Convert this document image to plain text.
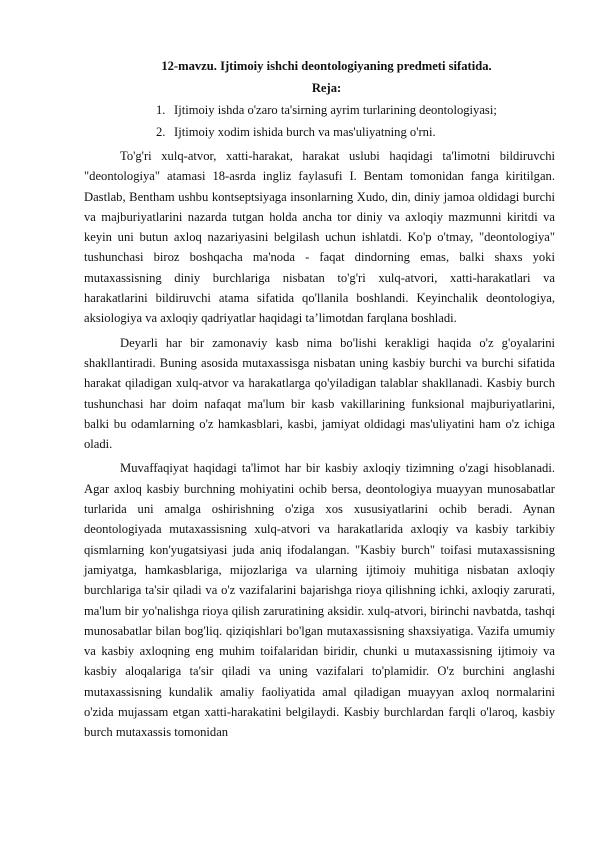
12-mavzu. Ijtimoiy ishchi deontologiyaning predmeti sifatida.

Reja:

1. Ijtimoiy ishda o'zaro ta'sirning ayrim turlarining deontologiyasi;
2. Ijtimoiy xodim ishida burch va mas'uliyatning o'rni.

To'g'ri xulq-atvor, xatti-harakat, harakat uslubi haqidagi ta'limotni bildiruvchi "deontologiya" atamasi 18-asrda ingliz faylasufi I. Bentam tomonidan fanga kiritilgan. Dastlab, Bentham ushbu kontseptsiyaga insonlarning Xudo, din, diniy jamoa oldidagi burchi va majburiyatlarini nazarda tutgan holda ancha tor diniy va axloqiy mazmunni kiritdi va keyin uni butun axloq nazariyasini belgilash uchun ishlatdi. Ko'p o'tmay, "deontologiya" tushunchasi biroz boshqacha ma'noda - faqat dindorning emas, balki shaxs yoki mutaxassisning diniy burchlariga nisbatan to'g'ri xulq-atvori, xatti-harakatlari va harakatlarini bildiruvchi atama sifatida qo'llanila boshlandi. Keyinchalik deontologiya, aksiologiya va axloqiy qadriyatlar haqidagi ta’limotdan farqlana boshladi.

Deyarli har bir zamonaviy kasb nima bo'lishi kerakligi haqida o'z g'oyalarini shakllantiradi. Buning asosida mutaxassisga nisbatan uning kasbiy burchi va burchi sifatida harakat qiladigan xulq-atvor va harakatlarga qo'yiladigan talablar shakllanadi. Kasbiy burch tushunchasi har doim nafaqat ma'lum bir kasb vakillarining funksional majburiyatlarini, balki bu odamlarning o'z hamkasblari, kasbi, jamiyat oldidagi mas'uliyatini ham o'z ichiga oladi.

Muvaffaqiyat haqidagi ta'limot har bir kasbiy axloqiy tizimning o'zagi hisoblanadi. Agar axloq kasbiy burchning mohiyatini ochib bersa, deontologiya muayyan munosabatlar turlarida uni amalga oshirishning o'ziga xos xususiyatlarini ochib beradi. Aynan deontologiyada mutaxassisning xulq-atvori va harakatlarida axloqiy va kasbiy tarkibiy qismlarning kon'yugatsiyasi juda aniq ifodalangan. "Kasbiy burch" toifasi mutaxassisning jamiyatga, hamkasblariga, mijozlariga va ularning ijtimoiy muhitiga nisbatan axloqiy burchlariga ta'sir qiladi va o'z vazifalarini bajarishga rioya qilishning ichki, axloqiy zarurati, ma'lum bir yo'nalishga rioya qilish zaruratining aksidir. xulq-atvori, birinchi navbatda, tashqi munosabatlar bilan bog'liq. qiziqishlari bo'lgan mutaxassisning shaxsiyatiga. Vazifa umumiy va kasbiy axloqning eng muhim toifalaridan biridir, chunki u mutaxassisning ijtimoiy va kasbiy aloqalariga ta'sir qiladi va uning vazifalari to'plamidir. O'z burchini anglashi mutaxassisning kundalik amaliy faoliyatida amal qiladigan muayyan axloq normalarini o'zida mujassam etgan xatti-harakatini belgilaydi. Kasbiy burchlardan farqli o'laroq, kasbiy burch mutaxassis tomonidan
